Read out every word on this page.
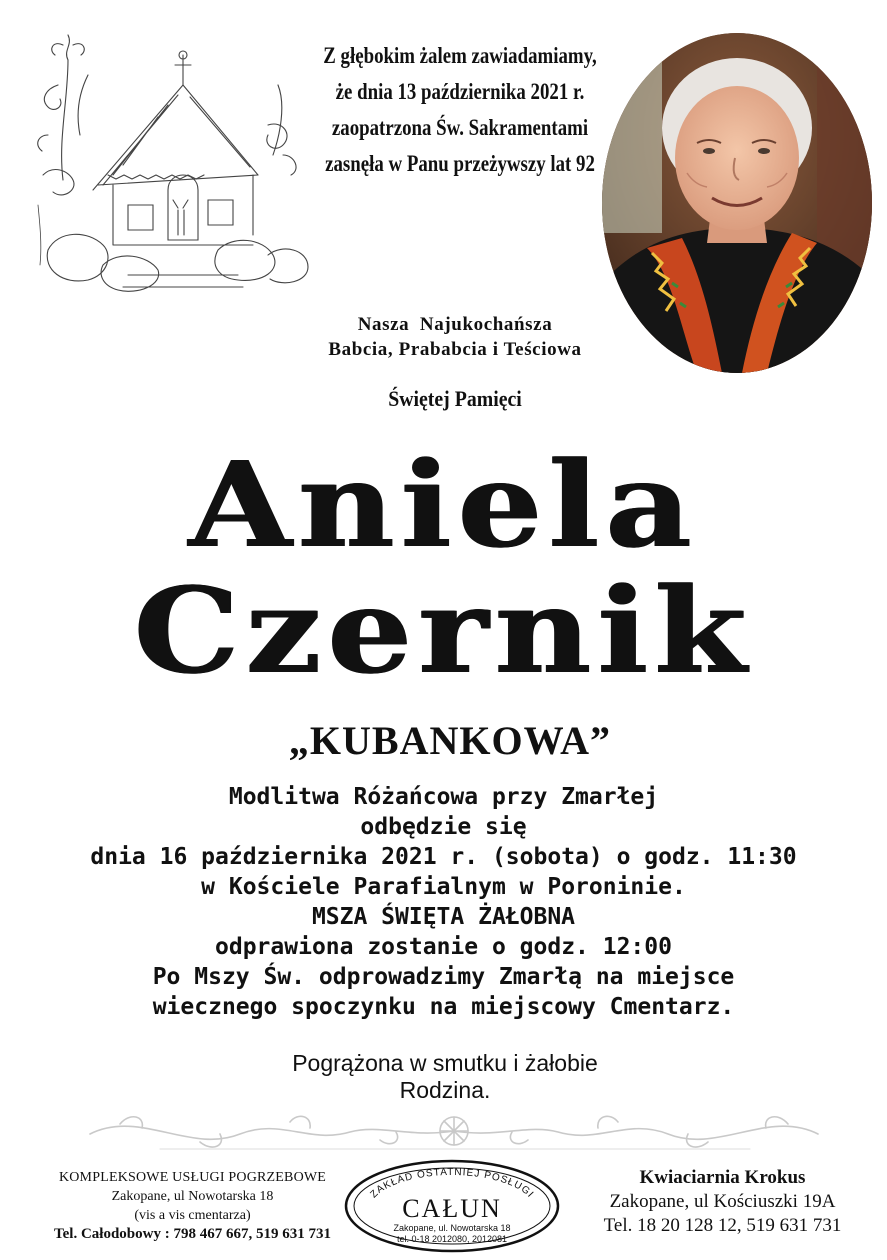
Z głębokim żalem zawiadamiamy,
że dnia 13 października 2021 r.
zaopatrzona Św. Sakramentami
zasnęła w Panu przeżywszy lat 92
Nasza  Najukochańsza
Babcia, Prababcia i Teściowa
Świętej Pamięci
Aniela
Czernik
„KUBANKOWA”
Modlitwa Różańcowa przy Zmarłej
odbędzie się
dnia 16 października 2021 r. (sobota) o godz. 11:30
w Kościele Parafialnym w Poroninie.
MSZA ŚWIĘTA ŻAŁOBNA
odprawiona zostanie o godz. 12:00
Po Mszy Św. odprowadzimy Zmarłą na miejsce
wiecznego spoczynku na miejscowy Cmentarz.
Pogrążona w smutku i żałobie
Rodzina.
KOMPLEKSOWE USŁUGI POGRZEBOWE
Zakopane, ul Nowotarska 18
(vis a vis cmentarza)
Tel. Całodobowy : 798 467 667, 519 631 731
ZAKŁAD OSTATNIEJ POSŁUGI
CAŁUN
Zakopane, ul. Nowotarska 18
tel. 0-18 2012080, 2012081
Kwiaciarnia Krokus
Zakopane, ul Kościuszki 19A
Tel. 18 20 128 12, 519 631 731
